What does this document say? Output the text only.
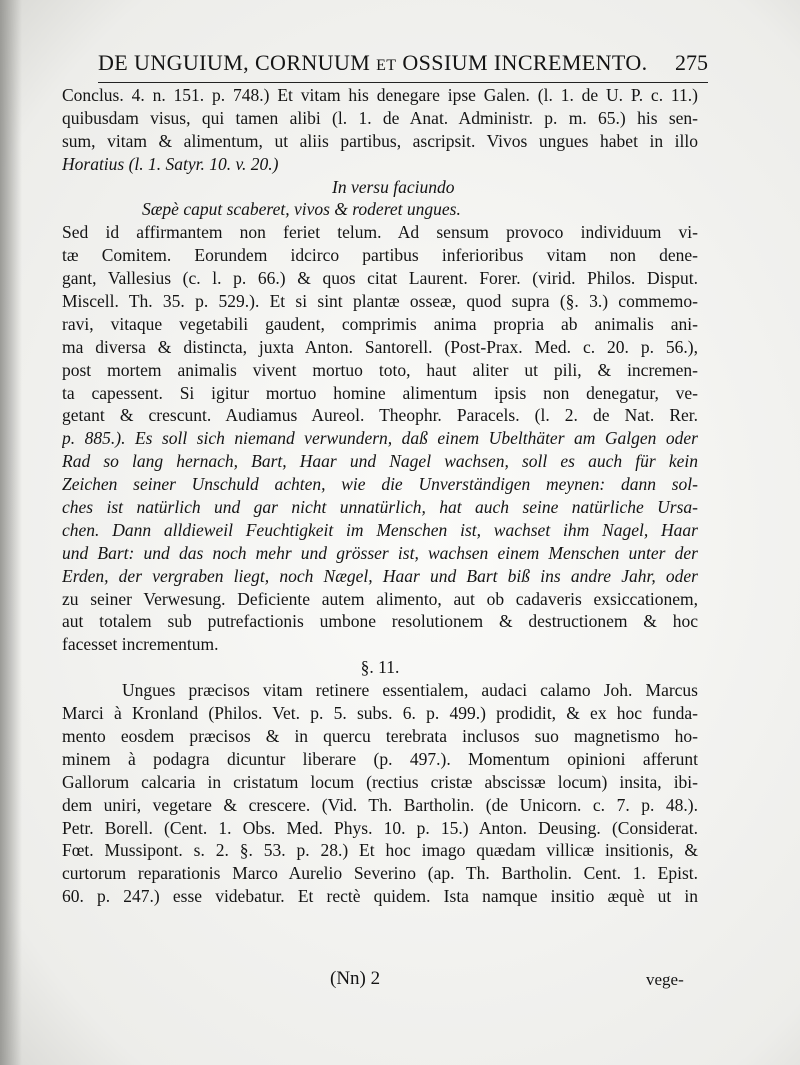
DE UNGUIUM, CORNUUM ET OSSIUM INCREMENTO. 275
Conclus. 4. n. 151. p. 748.) Et vitam his denegare ipse Galen. (l. 1. de U. P. c. 11.)
quibusdam visus, qui tamen alibi (l. 1. de Anat. Administr. p. m. 65.) his sen-
sum, vitam & alimentum, ut aliis partibus, ascripsit. Vivos ungues habet in illo
Horatius (l. 1. Satyr. 10. v. 20.)
In versu faciundo
Sæpè caput scaberet, vivos & roderet ungues.
Sed id affirmantem non feriet telum. Ad sensum provoco individuum vi-
tæ Comitem. Eorundem idcirco partibus inferioribus vitam non dene-
gant, Vallesius (c. l. p. 66.) & quos citat Laurent. Forer. (virid. Philos. Disput.
Miscell. Th. 35. p. 529.). Et si sint plantæ osseæ, quod supra (§. 3.) commemo-
ravi, vitaque vegetabili gaudent, comprimis anima propria ab animalis ani-
ma diversa & distincta, juxta Anton. Santorell. (Post-Prax. Med. c. 20. p. 56.),
post mortem animalis vivent mortuo toto, haut aliter ut pili, & incremen-
ta capessent. Si igitur mortuo homine alimentum ipsis non denegatur, ve-
getant & crescunt. Audiamus Aureol. Theophr. Paracels. (l. 2. de Nat. Rer.
p. 885.). Es soll sich niemand verwundern, daß einem Ubelthäter am Galgen oder
Rad so lang hernach, Bart, Haar und Nagel wachsen, soll es auch für kein
Zeichen seiner Unschuld achten, wie die Unverständigen meynen: dann sol-
ches ist natürlich und gar nicht unnatürlich, hat auch seine natürliche Ursa-
chen. Dann alldieweil Feuchtigkeit im Menschen ist, wachset ihm Nagel, Haar
und Bart: und das noch mehr und grösser ist, wachsen einem Menschen unter der
Erden, der vergraben liegt, noch Nægel, Haar und Bart biß ins andre Jahr, oder
zu seiner Verwesung. Deficiente autem alimento, aut ob cadaveris exsiccationem,
aut totalem sub putrefactionis umbone resolutionem & destructionem & hoc
facesset incrementum.
§. 11.
Ungues præcisos vitam retinere essentialem, audaci calamo Joh. Marcus
Marci à Kronland (Philos. Vet. p. 5. subs. 6. p. 499.) prodidit, & ex hoc funda-
mento eosdem præcisos & in quercu terebrata inclusos suo magnetismo ho-
minem à podagra dicuntur liberare (p. 497.). Momentum opinioni afferunt
Gallorum calcaria in cristatum locum (rectius cristæ abscissæ locum) insita, ibi-
dem uniri, vegetare & crescere. (Vid. Th. Bartholin. (de Unicorn. c. 7. p. 48.).
Petr. Borell. (Cent. 1. Obs. Med. Phys. 10. p. 15.) Anton. Deusing. (Considerat.
Fœt. Mussipont. s. 2. §. 53. p. 28.) Et hoc imago quædam villicæ insitionis, &
curtorum reparationis Marco Aurelio Severino (ap. Th. Bartholin. Cent. 1. Epist.
60. p. 247.) esse videbatur. Et rectè quidem. Ista namque insitio æquè ut in
(Nn) 2	vege-
